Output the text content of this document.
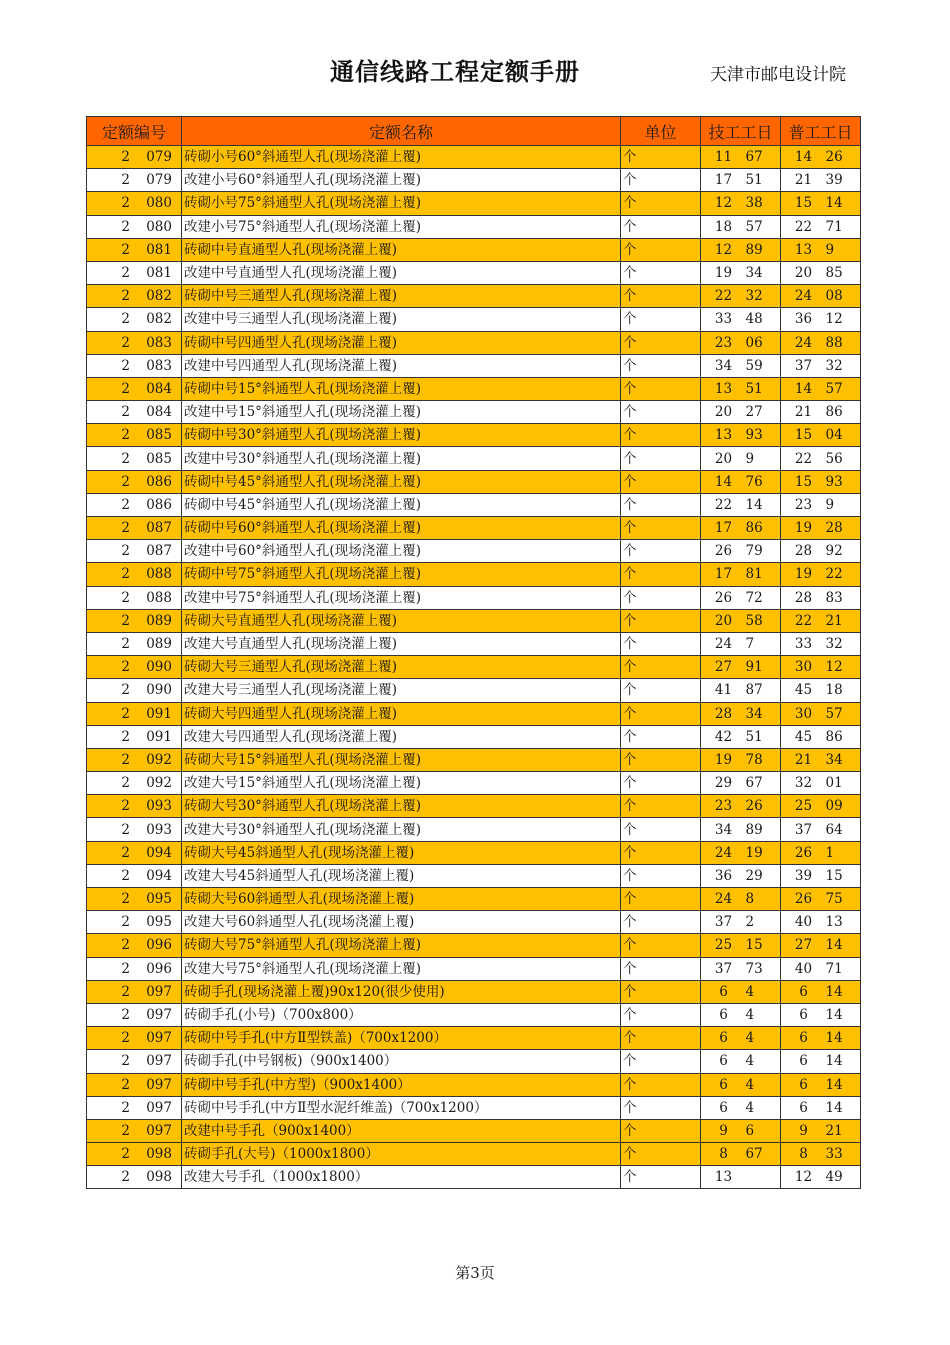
通信线路工程定额手册	天津市邮电设计院
定额编号	定额名称	单位	技工工日	普工工日
2 079	砖砌小号60°斜通型人孔(现场浇灌上覆)	个	11 67	14 26
2 079	改建小号60°斜通型人孔(现场浇灌上覆)	个	17 51	21 39
2 080	砖砌小号75°斜通型人孔(现场浇灌上覆)	个	12 38	15 14
2 080	改建小号75°斜通型人孔(现场浇灌上覆)	个	18 57	22 71
2 081	砖砌中号直通型人孔(现场浇灌上覆)	个	12 89	13 9
2 081	改建中号直通型人孔(现场浇灌上覆)	个	19 34	20 85
2 082	砖砌中号三通型人孔(现场浇灌上覆)	个	22 32	24 08
2 082	改建中号三通型人孔(现场浇灌上覆)	个	33 48	36 12
2 083	砖砌中号四通型人孔(现场浇灌上覆)	个	23 06	24 88
2 083	改建中号四通型人孔(现场浇灌上覆)	个	34 59	37 32
2 084	砖砌中号15°斜通型人孔(现场浇灌上覆)	个	13 51	14 57
2 084	改建中号15°斜通型人孔(现场浇灌上覆)	个	20 27	21 86
2 085	砖砌中号30°斜通型人孔(现场浇灌上覆)	个	13 93	15 04
2 085	改建中号30°斜通型人孔(现场浇灌上覆)	个	20 9	22 56
2 086	砖砌中号45°斜通型人孔(现场浇灌上覆)	个	14 76	15 93
2 086	砖砌中号45°斜通型人孔(现场浇灌上覆)	个	22 14	23 9
2 087	砖砌中号60°斜通型人孔(现场浇灌上覆)	个	17 86	19 28
2 087	改建中号60°斜通型人孔(现场浇灌上覆)	个	26 79	28 92
2 088	砖砌中号75°斜通型人孔(现场浇灌上覆)	个	17 81	19 22
2 088	改建中号75°斜通型人孔(现场浇灌上覆)	个	26 72	28 83
2 089	砖砌大号直通型人孔(现场浇灌上覆)	个	20 58	22 21
2 089	改建大号直通型人孔(现场浇灌上覆)	个	24 7	33 32
2 090	砖砌大号三通型人孔(现场浇灌上覆)	个	27 91	30 12
2 090	改建大号三通型人孔(现场浇灌上覆)	个	41 87	45 18
2 091	砖砌大号四通型人孔(现场浇灌上覆)	个	28 34	30 57
2 091	改建大号四通型人孔(现场浇灌上覆)	个	42 51	45 86
2 092	砖砌大号15°斜通型人孔(现场浇灌上覆)	个	19 78	21 34
2 092	改建大号15°斜通型人孔(现场浇灌上覆)	个	29 67	32 01
2 093	砖砌大号30°斜通型人孔(现场浇灌上覆)	个	23 26	25 09
2 093	改建大号30°斜通型人孔(现场浇灌上覆)	个	34 89	37 64
2 094	砖砌大号45斜通型人孔(现场浇灌上覆)	个	24 19	26 1
2 094	改建大号45斜通型人孔(现场浇灌上覆)	个	36 29	39 15
2 095	砖砌大号60斜通型人孔(现场浇灌上覆)	个	24 8	26 75
2 095	改建大号60斜通型人孔(现场浇灌上覆)	个	37 2	40 13
2 096	砖砌大号75°斜通型人孔(现场浇灌上覆)	个	25 15	27 14
2 096	改建大号75°斜通型人孔(现场浇灌上覆)	个	37 73	40 71
2 097	砖砌手孔(现场浇灌上覆)90x120(很少使用)	个	6 4	6 14
2 097	砖砌手孔(小号)（700x800）	个	6 4	6 14
2 097	砖砌中号手孔(中方Ⅱ型铁盖)（700x1200）	个	6 4	6 14
2 097	砖砌手孔(中号钢板)（900x1400）	个	6 4	6 14
2 097	砖砌中号手孔(中方型)（900x1400）	个	6 4	6 14
2 097	砖砌中号手孔(中方Ⅱ型水泥纤维盖)（700x1200）	个	6 4	6 14
2 097	改建中号手孔（900x1400）	个	9 6	9 21
2 098	砖砌手孔(大号)（1000x1800）	个	8 67	8 33
2 098	改建大号手孔（1000x1800）	个	13	12 49
第3页
